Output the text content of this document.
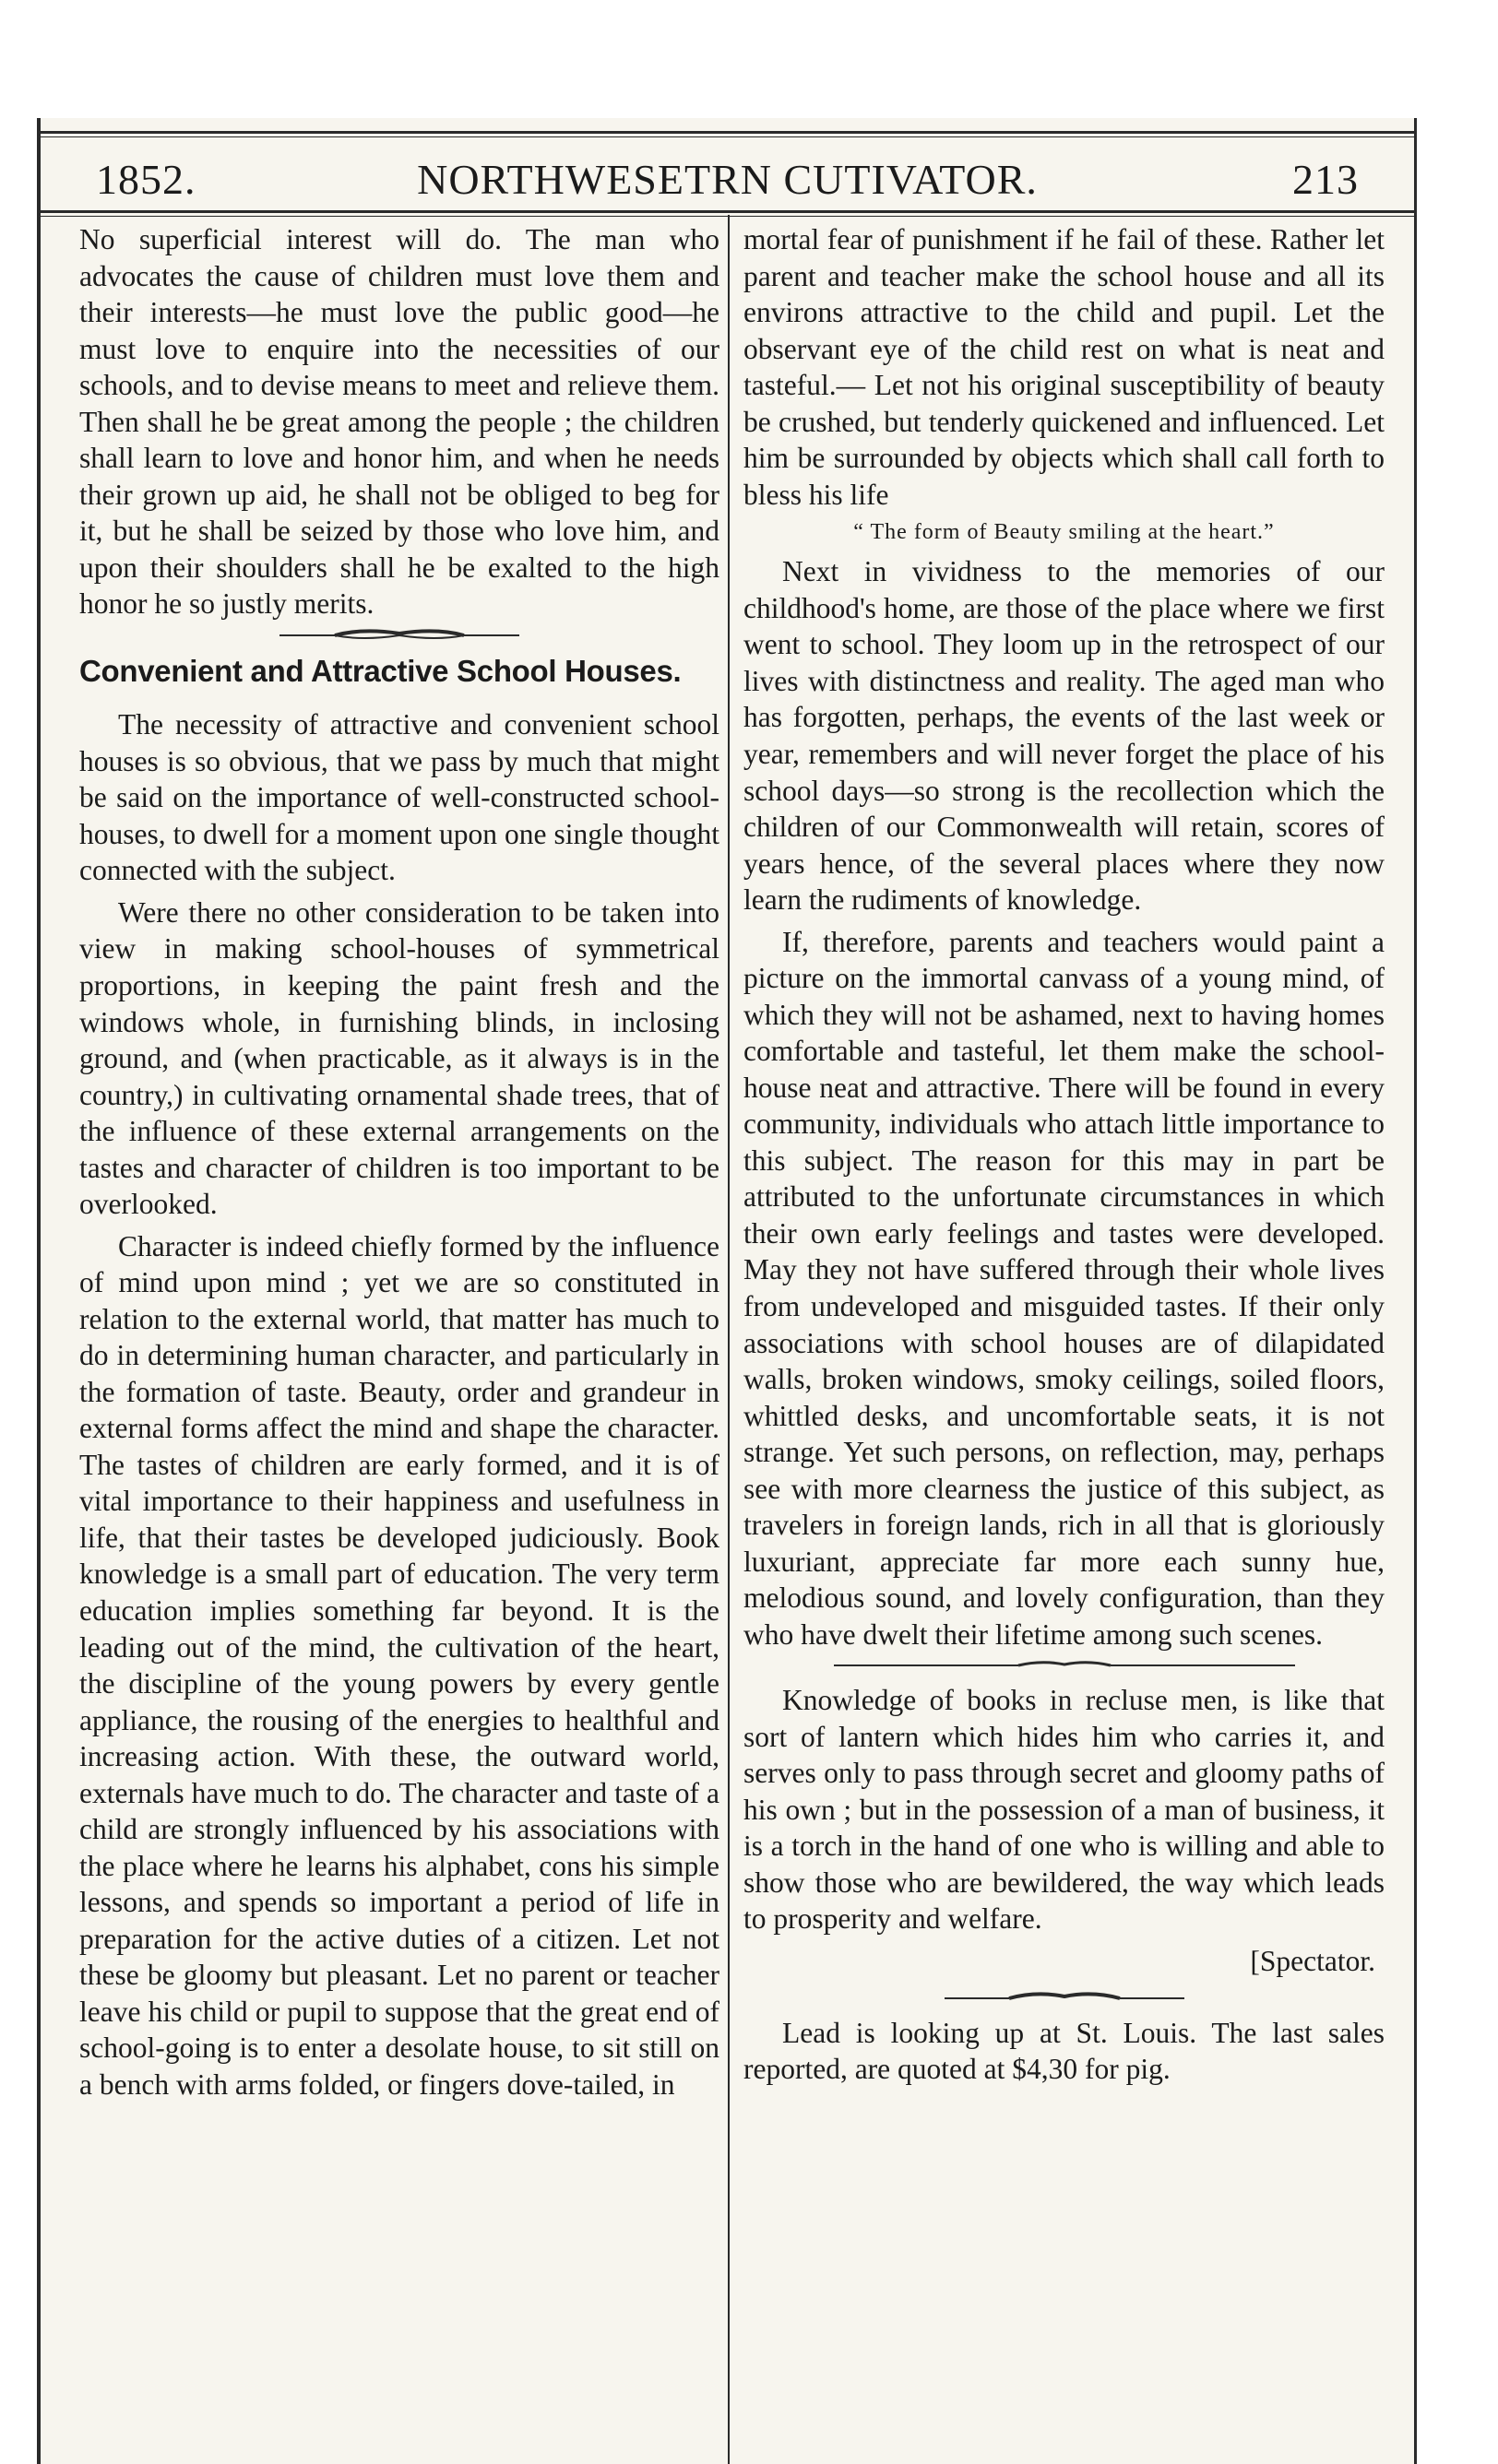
1852.	NORTHWESETRN CUTIVATOR.	213

No superficial interest will do. The man who advocates the cause of children must love them and their interests—he must love the public good—he must love to enquire into the necessities of our schools, and to devise means to meet and relieve them. Then shall he be great among the people ; the children shall learn to love and honor him, and when he needs their grown up aid, he shall not be obliged to beg for it, but he shall be seized by those who love him, and upon their shoulders shall he be exalted to the high honor he so justly merits.

Convenient and Attractive School Houses.

The necessity of attractive and convenient school houses is so obvious, that we pass by much that might be said on the importance of well-constructed school-houses, to dwell for a moment upon one single thought connected with the subject.

Were there no other consideration to be taken into view in making school-houses of symmetrical proportions, in keeping the paint fresh and the windows whole, in furnishing blinds, in inclosing ground, and (when practicable, as it always is in the country,) in cultivating ornamental shade trees, that of the influence of these external arrangements on the tastes and character of children is too important to be overlooked.

Character is indeed chiefly formed by the influence of mind upon mind ; yet we are so constituted in relation to the external world, that matter has much to do in determining human character, and particularly in the formation of taste. Beauty, order and grandeur in external forms affect the mind and shape the character. The tastes of children are early formed, and it is of vital importance to their happiness and usefulness in life, that their tastes be developed judiciously. Book knowledge is a small part of education. The very term education implies something far beyond. It is the leading out of the mind, the cultivation of the heart, the discipline of the young powers by every gentle appliance, the rousing of the energies to healthful and increasing action. With these, the outward world, externals have much to do. The character and taste of a child are strongly influenced by his associations with the place where he learns his alphabet, cons his simple lessons, and spends so important a period of life in preparation for the active duties of a citizen. Let not these be gloomy but pleasant. Let no parent or teacher leave his child or pupil to suppose that the great end of school-going is to enter a desolate house, to sit still on a bench with arms folded, or fingers dove-tailed, in

mortal fear of punishment if he fail of these. Rather let parent and teacher make the school house and all its environs attractive to the child and pupil. Let the observant eye of the child rest on what is neat and tasteful.— Let not his original susceptibility of beauty be crushed, but tenderly quickened and influenced. Let him be surrounded by objects which shall call forth to bless his life

“ The form of Beauty smiling at the heart.”

Next in vividness to the memories of our childhood's home, are those of the place where we first went to school. They loom up in the retrospect of our lives with distinctness and reality. The aged man who has forgotten, perhaps, the events of the last week or year, remembers and will never forget the place of his school days—so strong is the recollection which the children of our Commonwealth will retain, scores of years hence, of the several places where they now learn the rudiments of knowledge.

If, therefore, parents and teachers would paint a picture on the immortal canvass of a young mind, of which they will not be ashamed, next to having homes comfortable and tasteful, let them make the school-house neat and attractive. There will be found in every community, individuals who attach little importance to this subject. The reason for this may in part be attributed to the unfortunate circumstances in which their own early feelings and tastes were developed. May they not have suffered through their whole lives from undeveloped and misguided tastes. If their only associations with school houses are of dilapidated walls, broken windows, smoky ceilings, soiled floors, whittled desks, and uncomfortable seats, it is not strange. Yet such persons, on reflection, may, perhaps see with more clearness the justice of this subject, as travelers in foreign lands, rich in all that is gloriously luxuriant, appreciate far more each sunny hue, melodious sound, and lovely configuration, than they who have dwelt their lifetime among such scenes.

Knowledge of books in recluse men, is like that sort of lantern which hides him who carries it, and serves only to pass through secret and gloomy paths of his own ; but in the possession of a man of business, it is a torch in the hand of one who is willing and able to show those who are bewildered, the way which leads to prosperity and welfare.

[Spectator.

Lead is looking up at St. Louis. The last sales reported, are quoted at $4,30 for pig.
